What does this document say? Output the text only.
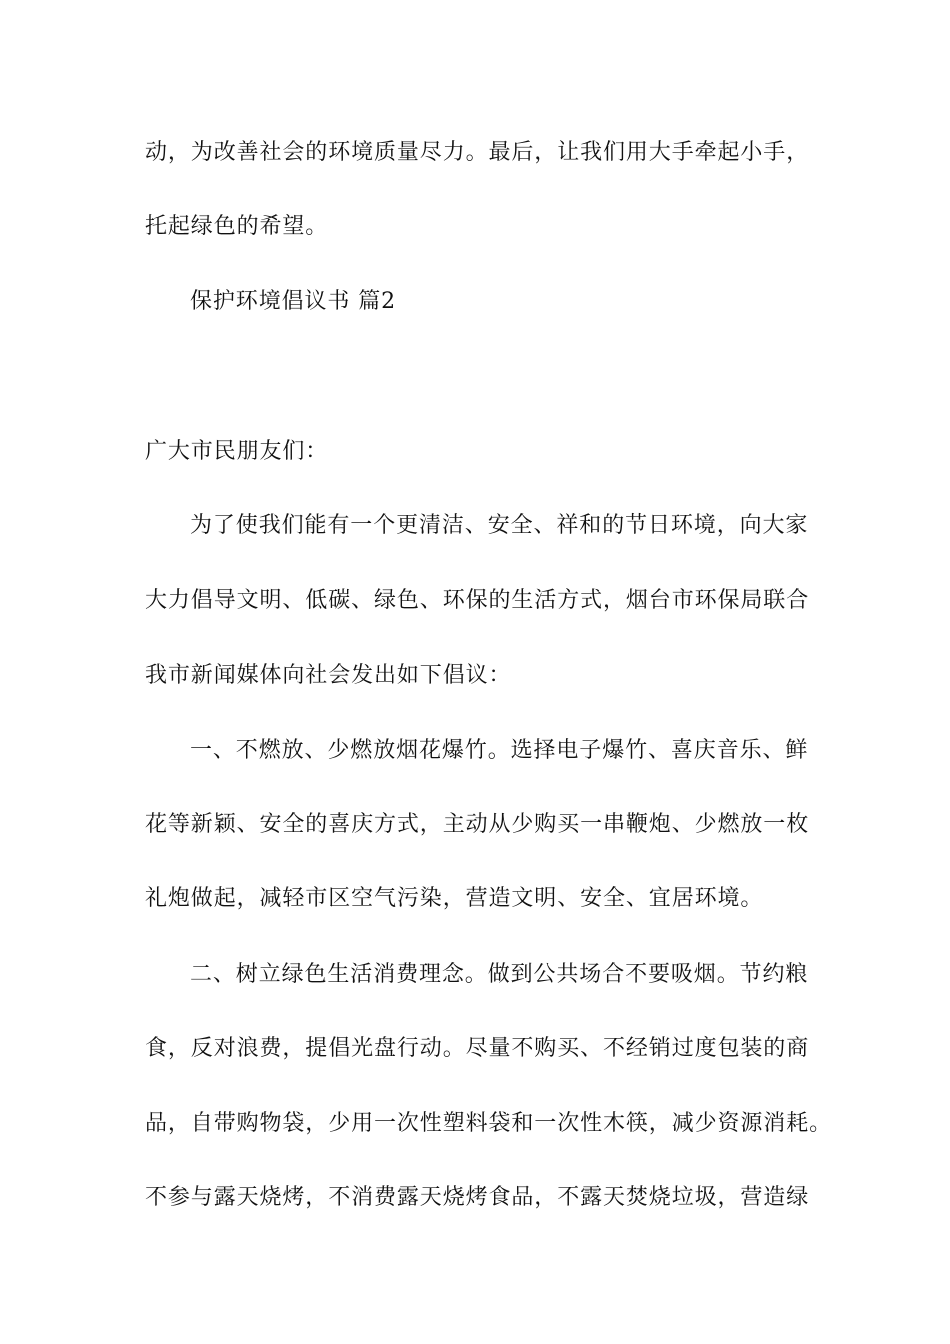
动，为改善社会的环境质量尽力。最后，让我们用大手牵起小手，
托起绿色的希望。
保护环境倡议书 篇2
广大市民朋友们：
为了使我们能有一个更清洁、安全、祥和的节日环境，向大家
大力倡导文明、低碳、绿色、环保的生活方式，烟台市环保局联合
我市新闻媒体向社会发出如下倡议：
一、不燃放、少燃放烟花爆竹。选择电子爆竹、喜庆音乐、鲜
花等新颖、安全的喜庆方式，主动从少购买一串鞭炮、少燃放一枚
礼炮做起，减轻市区空气污染，营造文明、安全、宜居环境。
二、树立绿色生活消费理念。做到公共场合不要吸烟。节约粮
食，反对浪费，提倡光盘行动。尽量不购买、不经销过度包装的商
品，自带购物袋，少用一次性塑料袋和一次性木筷，减少资源消耗。
不参与露天烧烤，不消费露天烧烤食品，不露天焚烧垃圾，营造绿
